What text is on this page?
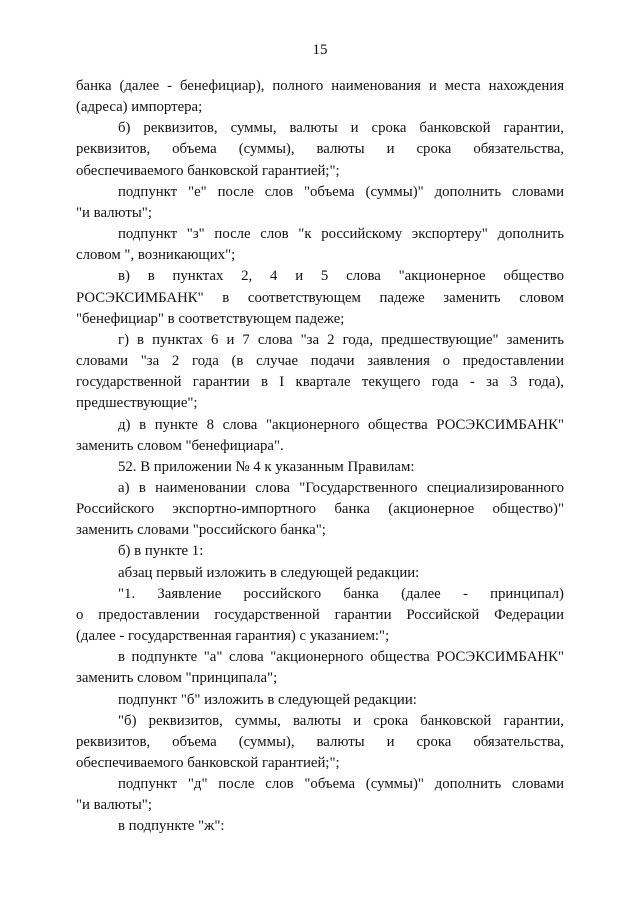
15
банка (далее - бенефициар), полного наименования и места нахождения
(адреса) импортера;
б) реквизитов, суммы, валюты и срока банковской гарантии,
реквизитов, объема (суммы), валюты и срока обязательства,
обеспечиваемого банковской гарантией;";
подпункт "е" после слов "объема (суммы)" дополнить словами
"и валюты";
подпункт "з" после слов "к российскому экспортеру" дополнить
словом ", возникающих";
в) в пунктах 2, 4 и 5 слова "акционерное общество
РОСЭКСИМБАНК" в соответствующем падеже заменить словом
"бенефициар" в соответствующем падеже;
г) в пунктах 6 и 7 слова "за 2 года, предшествующие" заменить
словами "за 2 года (в случае подачи заявления о предоставлении
государственной гарантии в I квартале текущего года - за 3 года),
предшествующие";
д) в пункте 8 слова "акционерного общества РОСЭКСИМБАНК"
заменить словом "бенефициара".
52. В приложении № 4 к указанным Правилам:
а) в наименовании слова "Государственного специализированного
Российского экспортно-импортного банка (акционерное общество)"
заменить словами "российского банка";
б) в пункте 1:
абзац первый изложить в следующей редакции:
"1. Заявление российского банка (далее - принципал)
о предоставлении государственной гарантии Российской Федерации
(далее - государственная гарантия) с указанием:";
в подпункте "а" слова "акционерного общества РОСЭКСИМБАНК"
заменить словом "принципала";
подпункт "б" изложить в следующей редакции:
"б) реквизитов, суммы, валюты и срока банковской гарантии,
реквизитов, объема (суммы), валюты и срока обязательства,
обеспечиваемого банковской гарантией;";
подпункт "д" после слов "объема (суммы)" дополнить словами
"и валюты";
в подпункте "ж":
